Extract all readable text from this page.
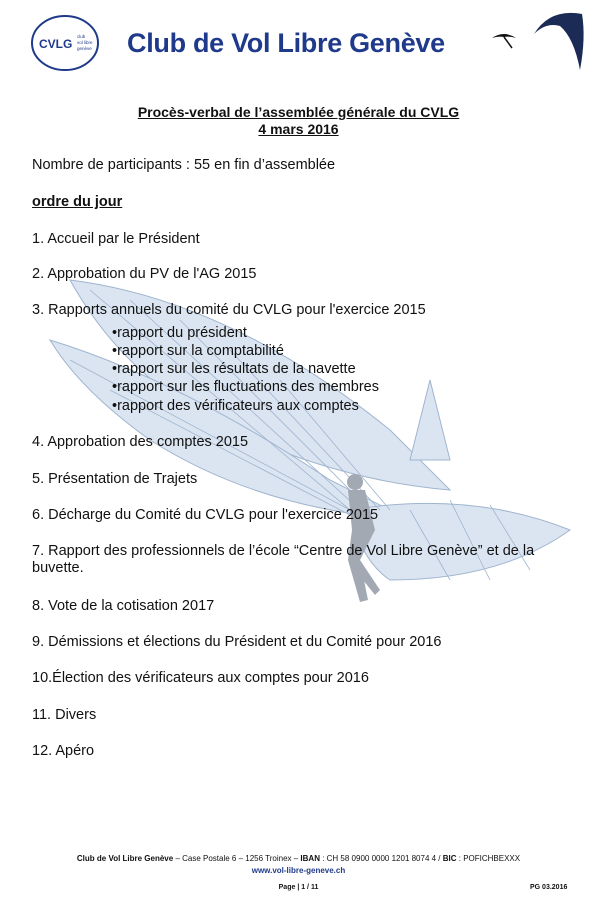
CVLG
club
vol libre
genève Club de Vol Libre Genève
Procès-verbal de l’assemblée générale du CVLG
4 mars 2016
Nombre de participants : 55 en fin d’assemblée
ordre du jour
1. Accueil par le Président
2. Approbation du PV de l'AG 2015
3. Rapports annuels du comité du CVLG pour l'exercice 2015
•rapport du président
•rapport sur la comptabilité
•rapport sur les résultats de la navette
•rapport sur les fluctuations des membres
•rapport des vérificateurs aux comptes
4. Approbation des comptes 2015
5. Présentation de Trajets
6. Décharge du Comité du CVLG pour l'exercice 2015
7. Rapport des professionnels de l’école “Centre de Vol Libre Genève” et de la buvette.
8. Vote de la cotisation 2017
9. Démissions et élections du Président et du Comité pour 2016
10.Élection des vérificateurs aux comptes pour 2016
11. Divers
12. Apéro
Club de Vol Libre Genève – Case Postale 6 – 1256 Troinex – IBAN : CH 58 0900 0000 1201 8074 4 / BIC : POFICHBEXXX
www.vol-libre-geneve.ch
Page | 1 / 11	PG 03.2016
